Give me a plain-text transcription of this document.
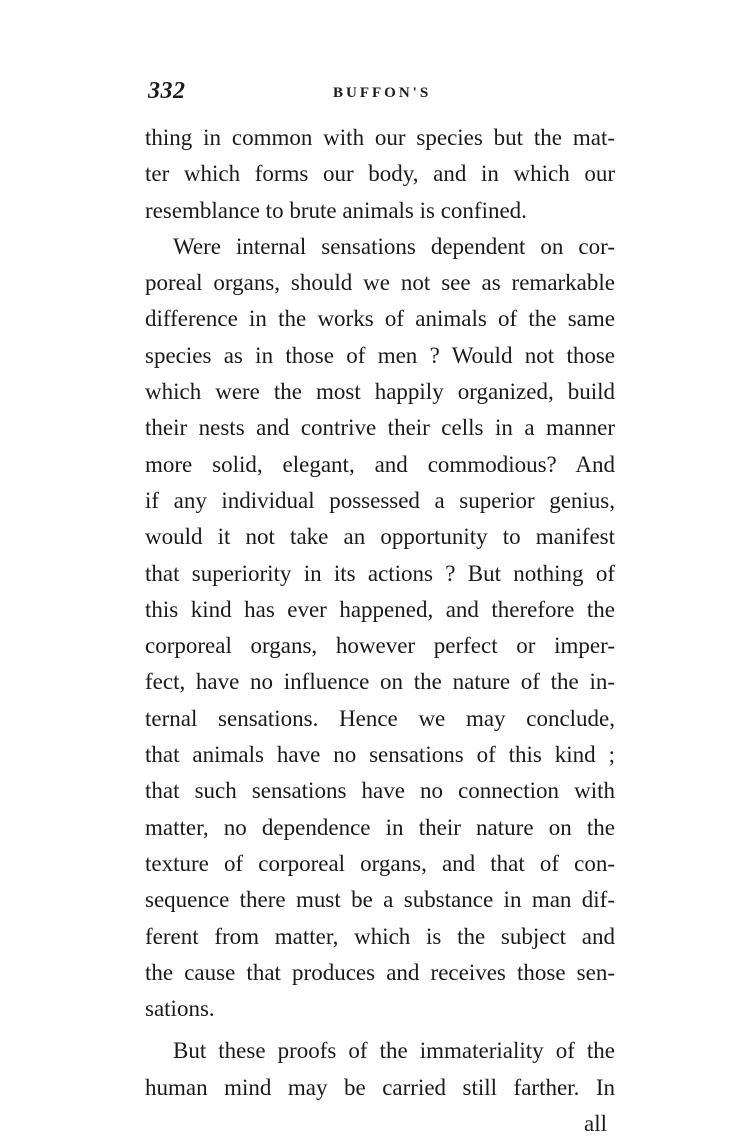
332	BUFFON'S
thing in common with our species but the mat-
ter which forms our body, and in which our
resemblance to brute animals is confined.
Were internal sensations dependent on cor-
poreal organs, should we not see as remarkable
difference in the works of animals of the same
species as in those of men ? Would not those
which were the most happily organized, build
their nests and contrive their cells in a manner
more solid, elegant, and commodious? And
if any individual possessed a superior genius,
would it not take an opportunity to manifest
that superiority in its actions ? But nothing of
this kind has ever happened, and therefore the
corporeal organs, however perfect or imper-
fect, have no influence on the nature of the in-
ternal sensations. Hence we may conclude,
that animals have no sensations of this kind ;
that such sensations have no connection with
matter, no dependence in their nature on the
texture of corporeal organs, and that of con-
sequence there must be a substance in man dif-
ferent from matter, which is the subject and
the cause that produces and receives those sen-
sations.
But these proofs of the immateriality of the
human mind may be carried still farther. In
all
